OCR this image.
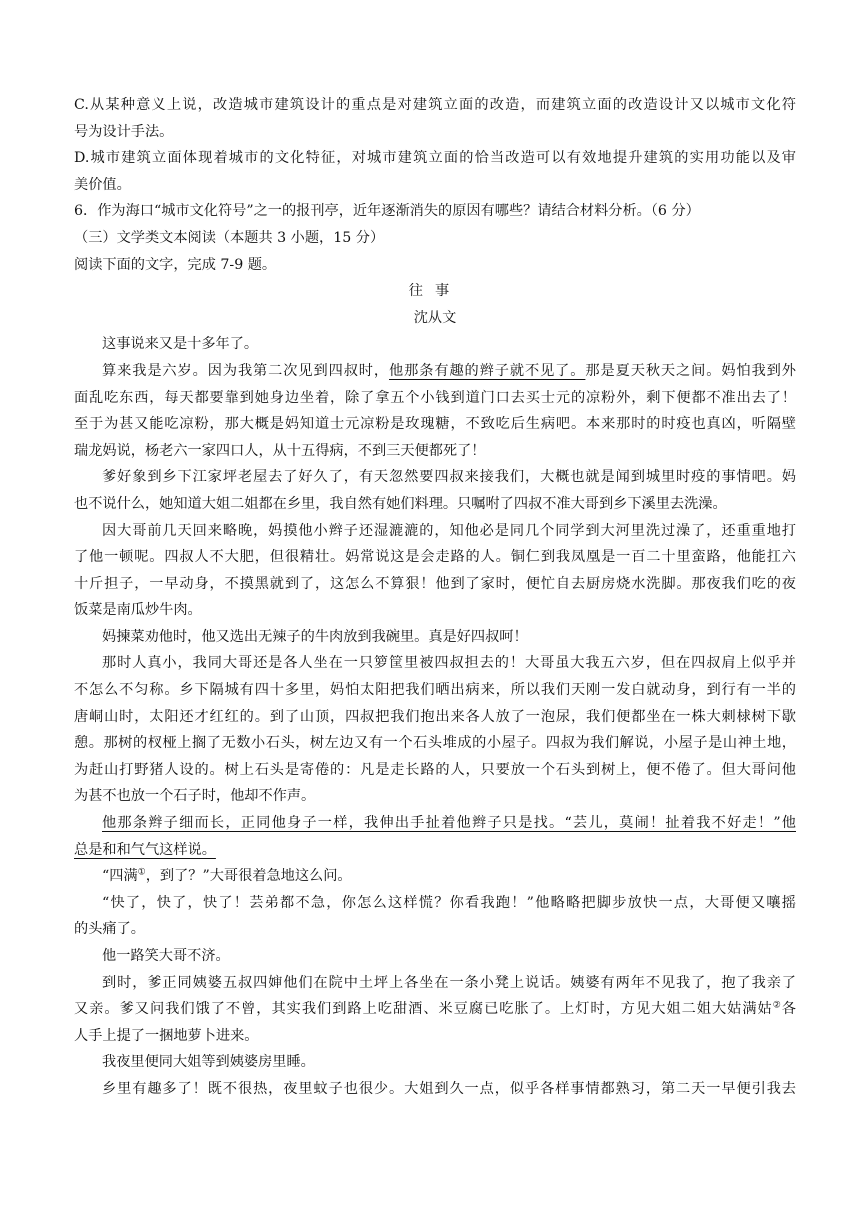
C.从某种意义上说，改造城市建筑设计的重点是对建筑立面的改造，而建筑立面的改造设计又以城市文化符
号为设计手法。
D.城市建筑立面体现着城市的文化特征，对城市建筑立面的恰当改造可以有效地提升建筑的实用功能以及审
美价值。
6．作为海口“城市文化符号”之一的报刊亭，近年逐渐消失的原因有哪些？请结合材料分析。（6 分）
（三）文学类文本阅读（本题共 3 小题，15 分）
阅读下面的文字，完成 7-9 题。
往事
沈从文
这事说来又是十多年了。
算来我是六岁。因为我第二次见到四叔时，他那条有趣的辫子就不见了。那是夏天秋天之间。妈怕我到外
面乱吃东西，每天都要靠到她身边坐着，除了拿五个小钱到道门口去买士元的凉粉外，剩下便都不准出去了！
至于为甚又能吃凉粉，那大概是妈知道士元凉粉是玫瑰糖，不致吃后生病吧。本来那时的时疫也真凶，听隔壁
瑞龙妈说，杨老六一家四口人，从十五得病，不到三天便都死了！
爹好象到乡下江家坪老屋去了好久了，有天忽然要四叔来接我们，大概也就是闻到城里时疫的事情吧。妈
也不说什么，她知道大姐二姐都在乡里，我自然有她们料理。只嘱咐了四叔不准大哥到乡下溪里去洗澡。
因大哥前几天回来略晚，妈摸他小辫子还湿漉漉的，知他必是同几个同学到大河里洗过澡了，还重重地打
了他一顿呢。四叔人不大肥，但很精壮。妈常说这是会走路的人。铜仁到我凤凰是一百二十里蛮路，他能扛六
十斤担子，一早动身，不摸黑就到了，这怎么不算狠！他到了家时，便忙自去厨房烧水洗脚。那夜我们吃的夜
饭菜是南瓜炒牛肉。
妈揀菜劝他时，他又选出无辣子的牛肉放到我碗里。真是好四叔呵！
那时人真小，我同大哥还是各人坐在一只箩筐里被四叔担去的！大哥虽大我五六岁，但在四叔肩上似乎并
不怎么不匀称。乡下隔城有四十多里，妈怕太阳把我们晒出病来，所以我们天刚一发白就动身，到行有一半的
唐峒山时，太阳还才红红的。到了山顶，四叔把我们抱出来各人放了一泡尿，我们便都坐在一株大刺梂树下歇
憩。那树的杈桠上搁了无数小石头，树左边又有一个石头堆成的小屋子。四叔为我们解说，小屋子是山神土地，
为赶山打野猪人设的。树上石头是寄倦的：凡是走长路的人，只要放一个石头到树上，便不倦了。但大哥问他
为甚不也放一个石子时，他却不作声。
他那条辫子细而长，正同他身子一样，我伸出手扯着他辫子只是找。“芸儿，莫闹！扯着我不好走！”他
总是和和气气这样说。
“四满①，到了？”大哥很着急地这么问。
“快了，快了，快了！芸弟都不急，你怎么这样慌？你看我跑！”他略略把脚步放快一点，大哥便又嚷摇
的头痛了。
他一路笑大哥不济。
到时，爹正同姨婆五叔四婶他们在院中土坪上各坐在一条小凳上说话。姨婆有两年不见我了，抱了我亲了
又亲。爹又问我们饿了不曾，其实我们到路上吃甜酒、米豆腐已吃胀了。上灯时，方见大姐二姐大姑满姑②各
人手上提了一捆地萝卜进来。
我夜里便同大姐等到姨婆房里睡。
乡里有趣多了！既不很热，夜里蚊子也很少。大姐到久一点，似乎各样事情都熟习，第二天一早便引我去
